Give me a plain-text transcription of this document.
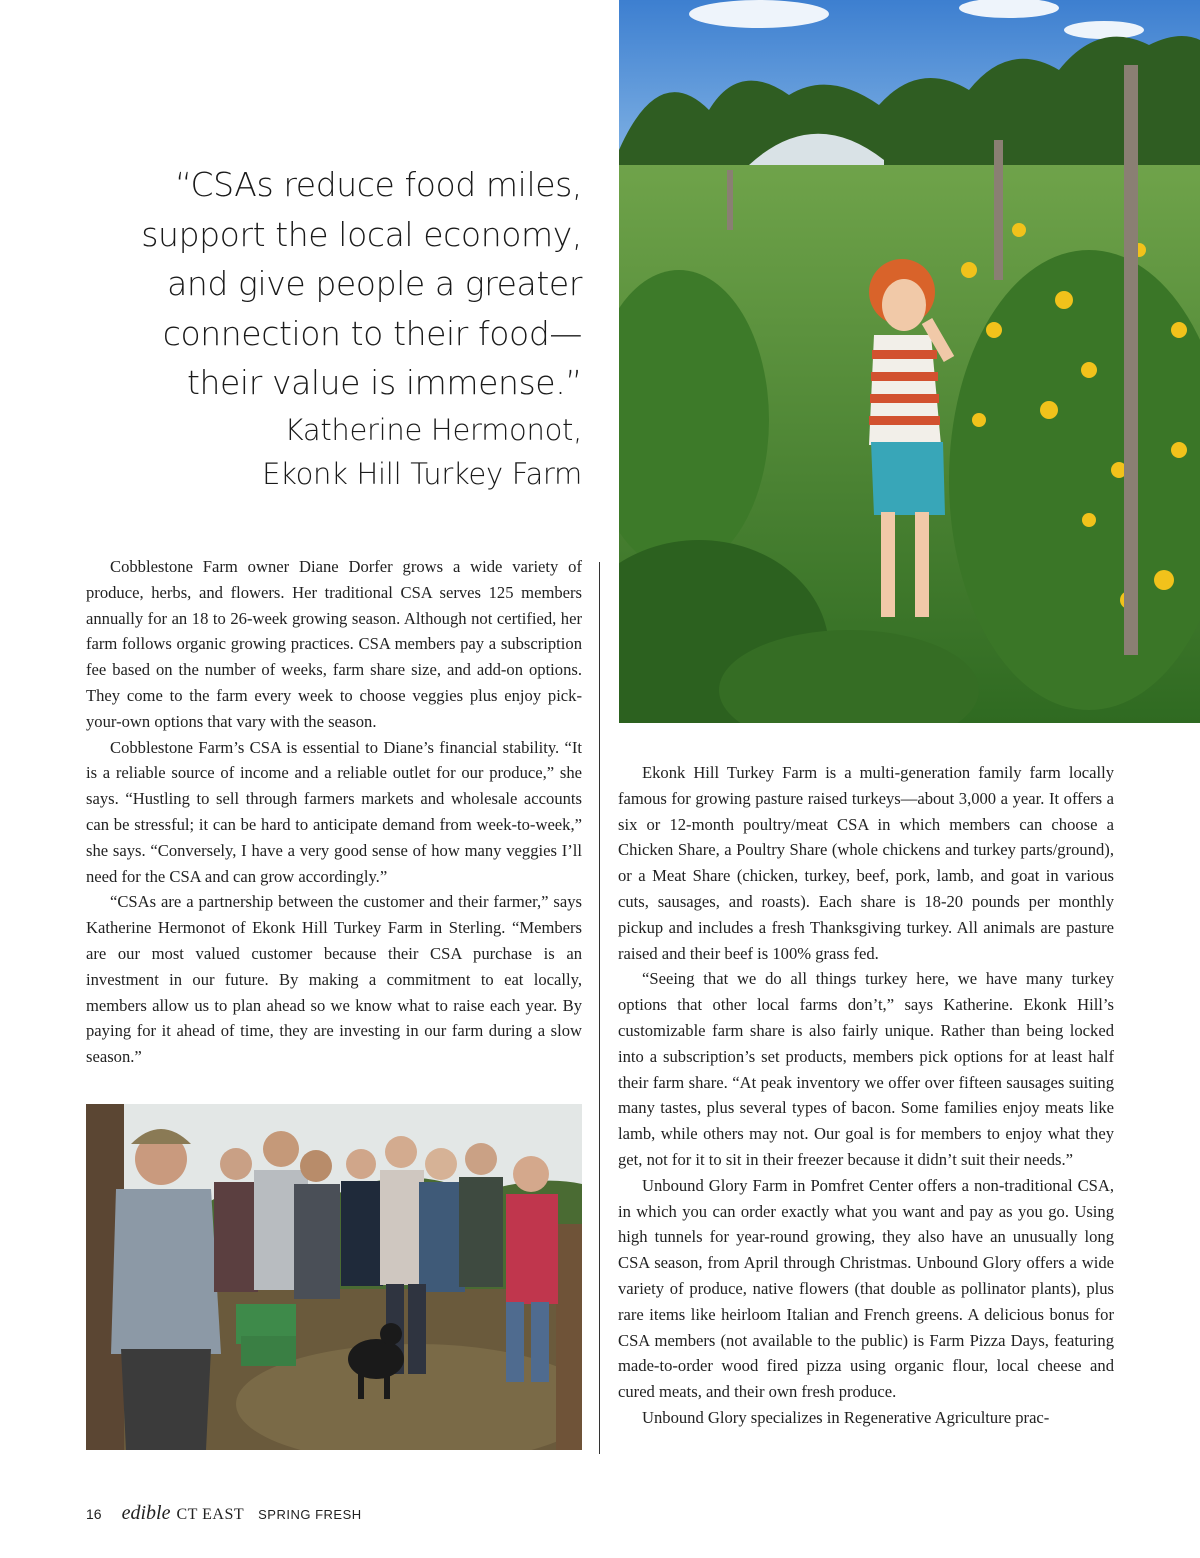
“CSAs reduce food miles,
support the local economy,
and give people a greater
connection to their food—
their value is immense.”
Katherine Hermonot,
Ekonk Hill Turkey Farm

Cobblestone Farm owner Diane Dorfer grows a wide variety of produce, herbs, and flowers. Her traditional CSA serves 125 members annually for an 18 to 26-week growing season. Although not certified, her farm follows organic growing practices. CSA members pay a subscription fee based on the number of weeks, farm share size, and add-on options. They come to the farm every week to choose veggies plus enjoy pick-your-own options that vary with the season.

Cobblestone Farm’s CSA is essential to Diane’s financial stability. “It is a reliable source of income and a reliable outlet for our produce,” she says. “Hustling to sell through farmers markets and wholesale accounts can be stressful; it can be hard to anticipate demand from week-to-week,” she says. “Conversely, I have a very good sense of how many veggies I’ll need for the CSA and can grow accordingly.”

“CSAs are a partnership between the customer and their farmer,” says Katherine Hermonot of Ekonk Hill Turkey Farm in Sterling. “Members are our most valued customer because their CSA purchase is an investment in our future. By making a commitment to eat locally, members allow us to plan ahead so we know what to raise each year. By paying for it ahead of time, they are investing in our farm during a slow season.”

Ekonk Hill Turkey Farm is a multi-generation family farm locally famous for growing pasture raised turkeys—about 3,000 a year. It offers a six or 12-month poultry/meat CSA in which members can choose a Chicken Share, a Poultry Share (whole chickens and turkey parts/ground), or a Meat Share (chicken, turkey, beef, pork, lamb, and goat in various cuts, sausages, and roasts). Each share is 18-20 pounds per monthly pickup and includes a fresh Thanksgiving turkey. All animals are pasture raised and their beef is 100% grass fed.

“Seeing that we do all things turkey here, we have many turkey options that other local farms don’t,” says Katherine. Ekonk Hill’s customizable farm share is also fairly unique. Rather than being locked into a subscription’s set products, members pick options for at least half their farm share. “At peak inventory we offer over fifteen sausages suiting many tastes, plus several types of bacon. Some families enjoy meats like lamb, while others may not. Our goal is for members to enjoy what they get, not for it to sit in their freezer because it didn’t suit their needs.”

Unbound Glory Farm in Pomfret Center offers a non-traditional CSA, in which you can order exactly what you want and pay as you go. Using high tunnels for year-round growing, they also have an unusually long CSA season, from April through Christmas. Unbound Glory offers a wide variety of produce, native flowers (that double as pollinator plants), plus rare items like heirloom Italian and French greens. A delicious bonus for CSA members (not available to the public) is Farm Pizza Days, featuring made-to-order wood fired pizza using organic flour, local cheese and cured meats, and their own fresh produce.

Unbound Glory specializes in Regenerative Agriculture prac-

16 edible CT EAST SPRING FRESH
